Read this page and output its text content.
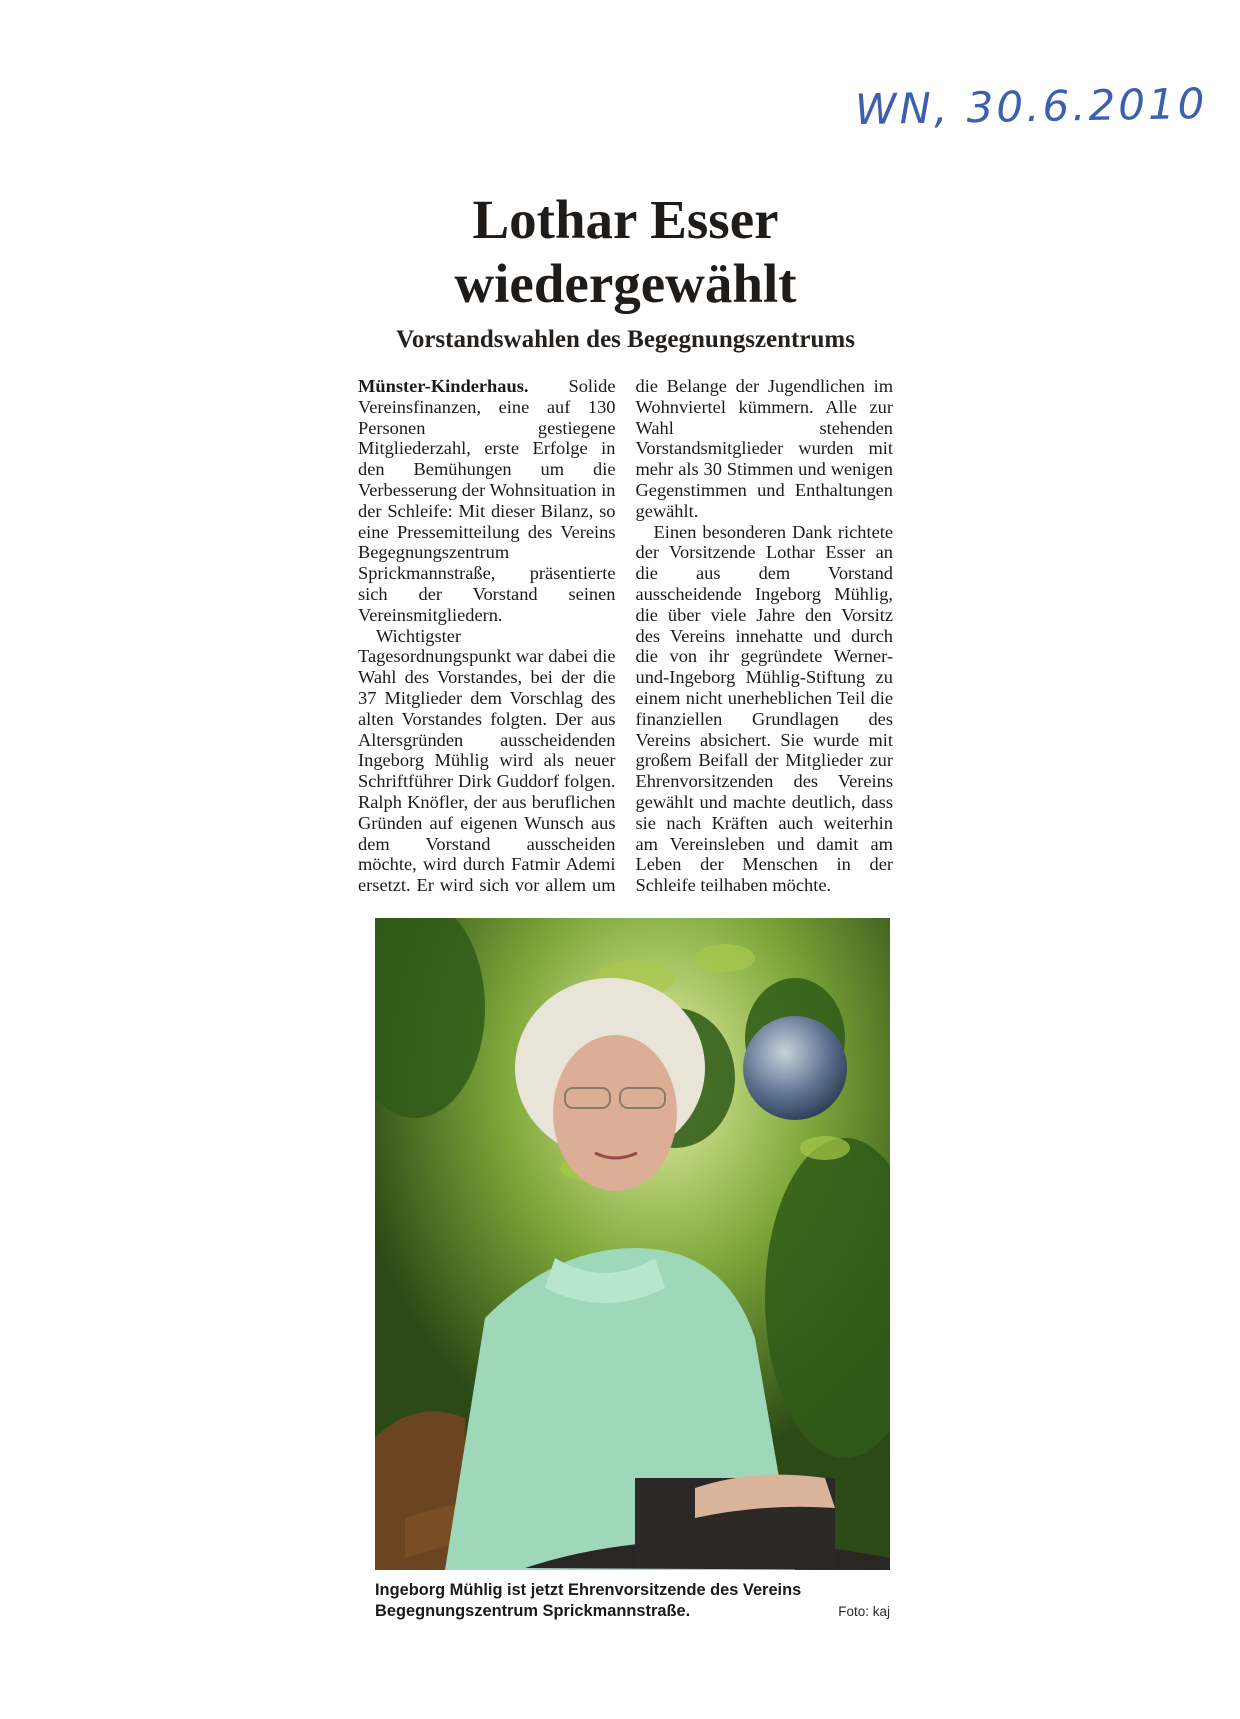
WN, 30.6.2010
Lothar Esser
wiedergewählt
Vorstandswahlen des Begegnungszentrums

Münster-Kinderhaus. Solide Vereinsfinanzen, eine auf 130 Personen gestiegene Mitgliederzahl, erste Erfolge in den Bemühungen um die Verbesserung der Wohnsituation in der Schleife: Mit dieser Bilanz, so eine Pressemitteilung des Vereins Begegnungszentrum Sprickmannstraße, präsentierte sich der Vorstand seinen Vereinsmitgliedern.

Wichtigster Tagesordnungspunkt war dabei die Wahl des Vorstandes, bei der die 37 Mitglieder dem Vorschlag des alten Vorstandes folgten. Der aus Altersgründen ausscheidenden Ingeborg Mühlig wird als neuer Schriftführer Dirk Guddorf folgen. Ralph Knöfler, der aus beruflichen Gründen auf eigenen Wunsch aus dem Vorstand ausscheiden möchte, wird durch Fatmir Ademi ersetzt. Er wird sich vor allem um die Belange der Jugendlichen im Wohnviertel kümmern. Alle zur Wahl stehenden Vorstandsmitglieder wurden mit mehr als 30 Stimmen und wenigen Gegenstimmen und Enthaltungen gewählt.

Einen besonderen Dank richtete der Vorsitzende Lothar Esser an die aus dem Vorstand ausscheidende Ingeborg Mühlig, die über viele Jahre den Vorsitz des Vereins innehatte und durch die von ihr gegründete Werner-und-Ingeborg Mühlig-Stiftung zu einem nicht unerheblichen Teil die finanziellen Grundlagen des Vereins absichert. Sie wurde mit großem Beifall der Mitglieder zur Ehrenvorsitzenden des Vereins gewählt und machte deutlich, dass sie nach Kräften auch weiterhin am Vereinsleben und damit am Leben der Menschen in der Schleife teilhaben möchte.

Ingeborg Mühlig ist jetzt Ehrenvorsitzende des Vereins Begegnungszentrum Sprickmannstraße.	Foto: kaj
